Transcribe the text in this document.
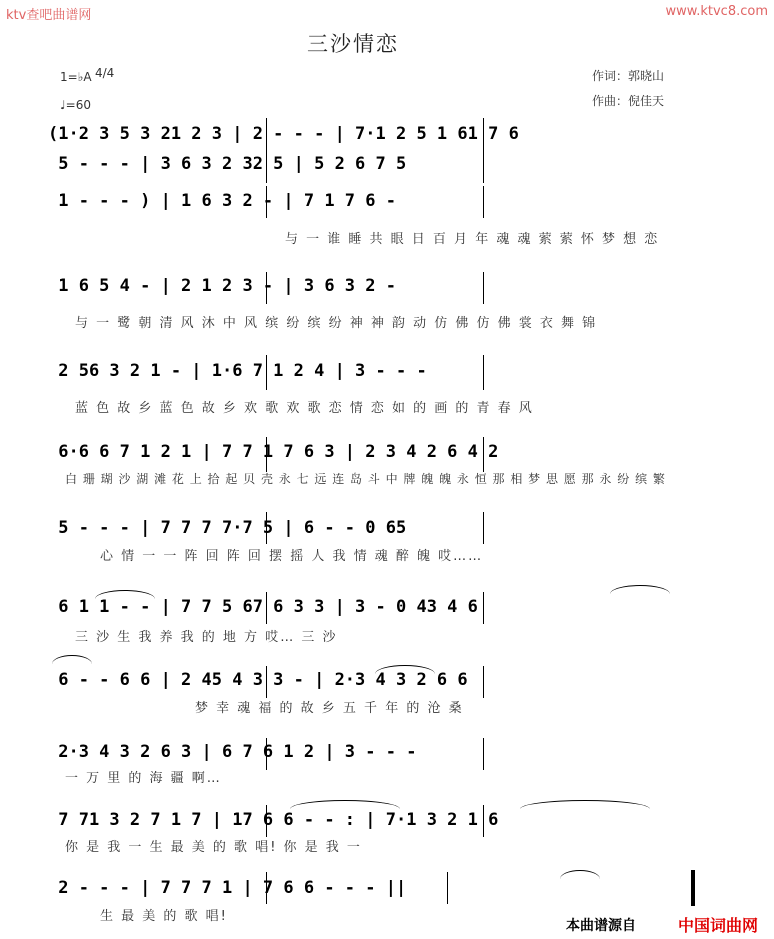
ktv查吧曲谱网	www.ktvc8.com
三沙情恋
1=♭A 4/4
♩=60
作词：郭晓山
作曲：倪佳天
(1·2 3 5 3 21 2 3 | 2 - - - | 7·1 2 5 1 61 7 6
5 - - - | 3 6 3 2 32 5 | 5 2 6 7 5
1 - - - ) | 1 6 3 2 - | 7 1 7 6 -
与 一 谁 睡 共 眼 日 百 月 年 魂 魂 萦 萦 怀 梦 想 恋
1 6 5 4 - | 2 1 2 3 - | 3 6 3 2 -
与 一 鹭 朝 清 风 沐 中 风 缤 纷 缤 纷 神 神 韵 动 仿 佛 仿 佛 裳 衣 舞 锦
2 56 3 2 1 - | 1·6 7 1 2 4 | 3 - - -
蓝 色 故 乡 蓝 色 故 乡 欢 歌 欢 歌 恋 情 恋 如 的 画 的 青 春 风
6·6 6 7 1 2 1 | 7 7 1 7 6 3 | 2 3 4 2 6 4 2
白 珊 瑚 沙 湖 滩 花 上 拾 起 贝 壳 永 七 远 连 岛 斗 中 牌 魄 魄 永 恒 那 相 梦 思 愿 那 永 纷 缤 繁
5 - - - | 7 7 7 7·7 5 | 6 - - 0 65
心 情 一 一 阵 回 阵 回 摆 摇 人 我 情 魂 醉 魄 哎……
6 1 1 - - | 7 7 5 67 6 3 3 | 3 - 0 43 4 6
三 沙 生 我 养 我 的 地 方 哎… 三 沙
6 - - 6 6 | 2 45 4 3 3 - | 2·3 4 3 2 6 6
梦 幸 魂 福 的 故 乡 五 千 年 的 沧 桑
2·3 4 3 2 6 3 | 6 7 6 1 2 | 3 - - -
一 万 里 的 海 疆 啊…
7 71 3 2 7 1 7 | 17 6 6 - - : | 7·1 3 2 1 6
你 是 我 一 生 最 美 的 歌 唱! 你 是 我 一
2 - - - | 7 7 7 1 | 7 6 6 - - - ||
生 最 美 的 歌 唱!
本曲谱源自	中国词曲网
